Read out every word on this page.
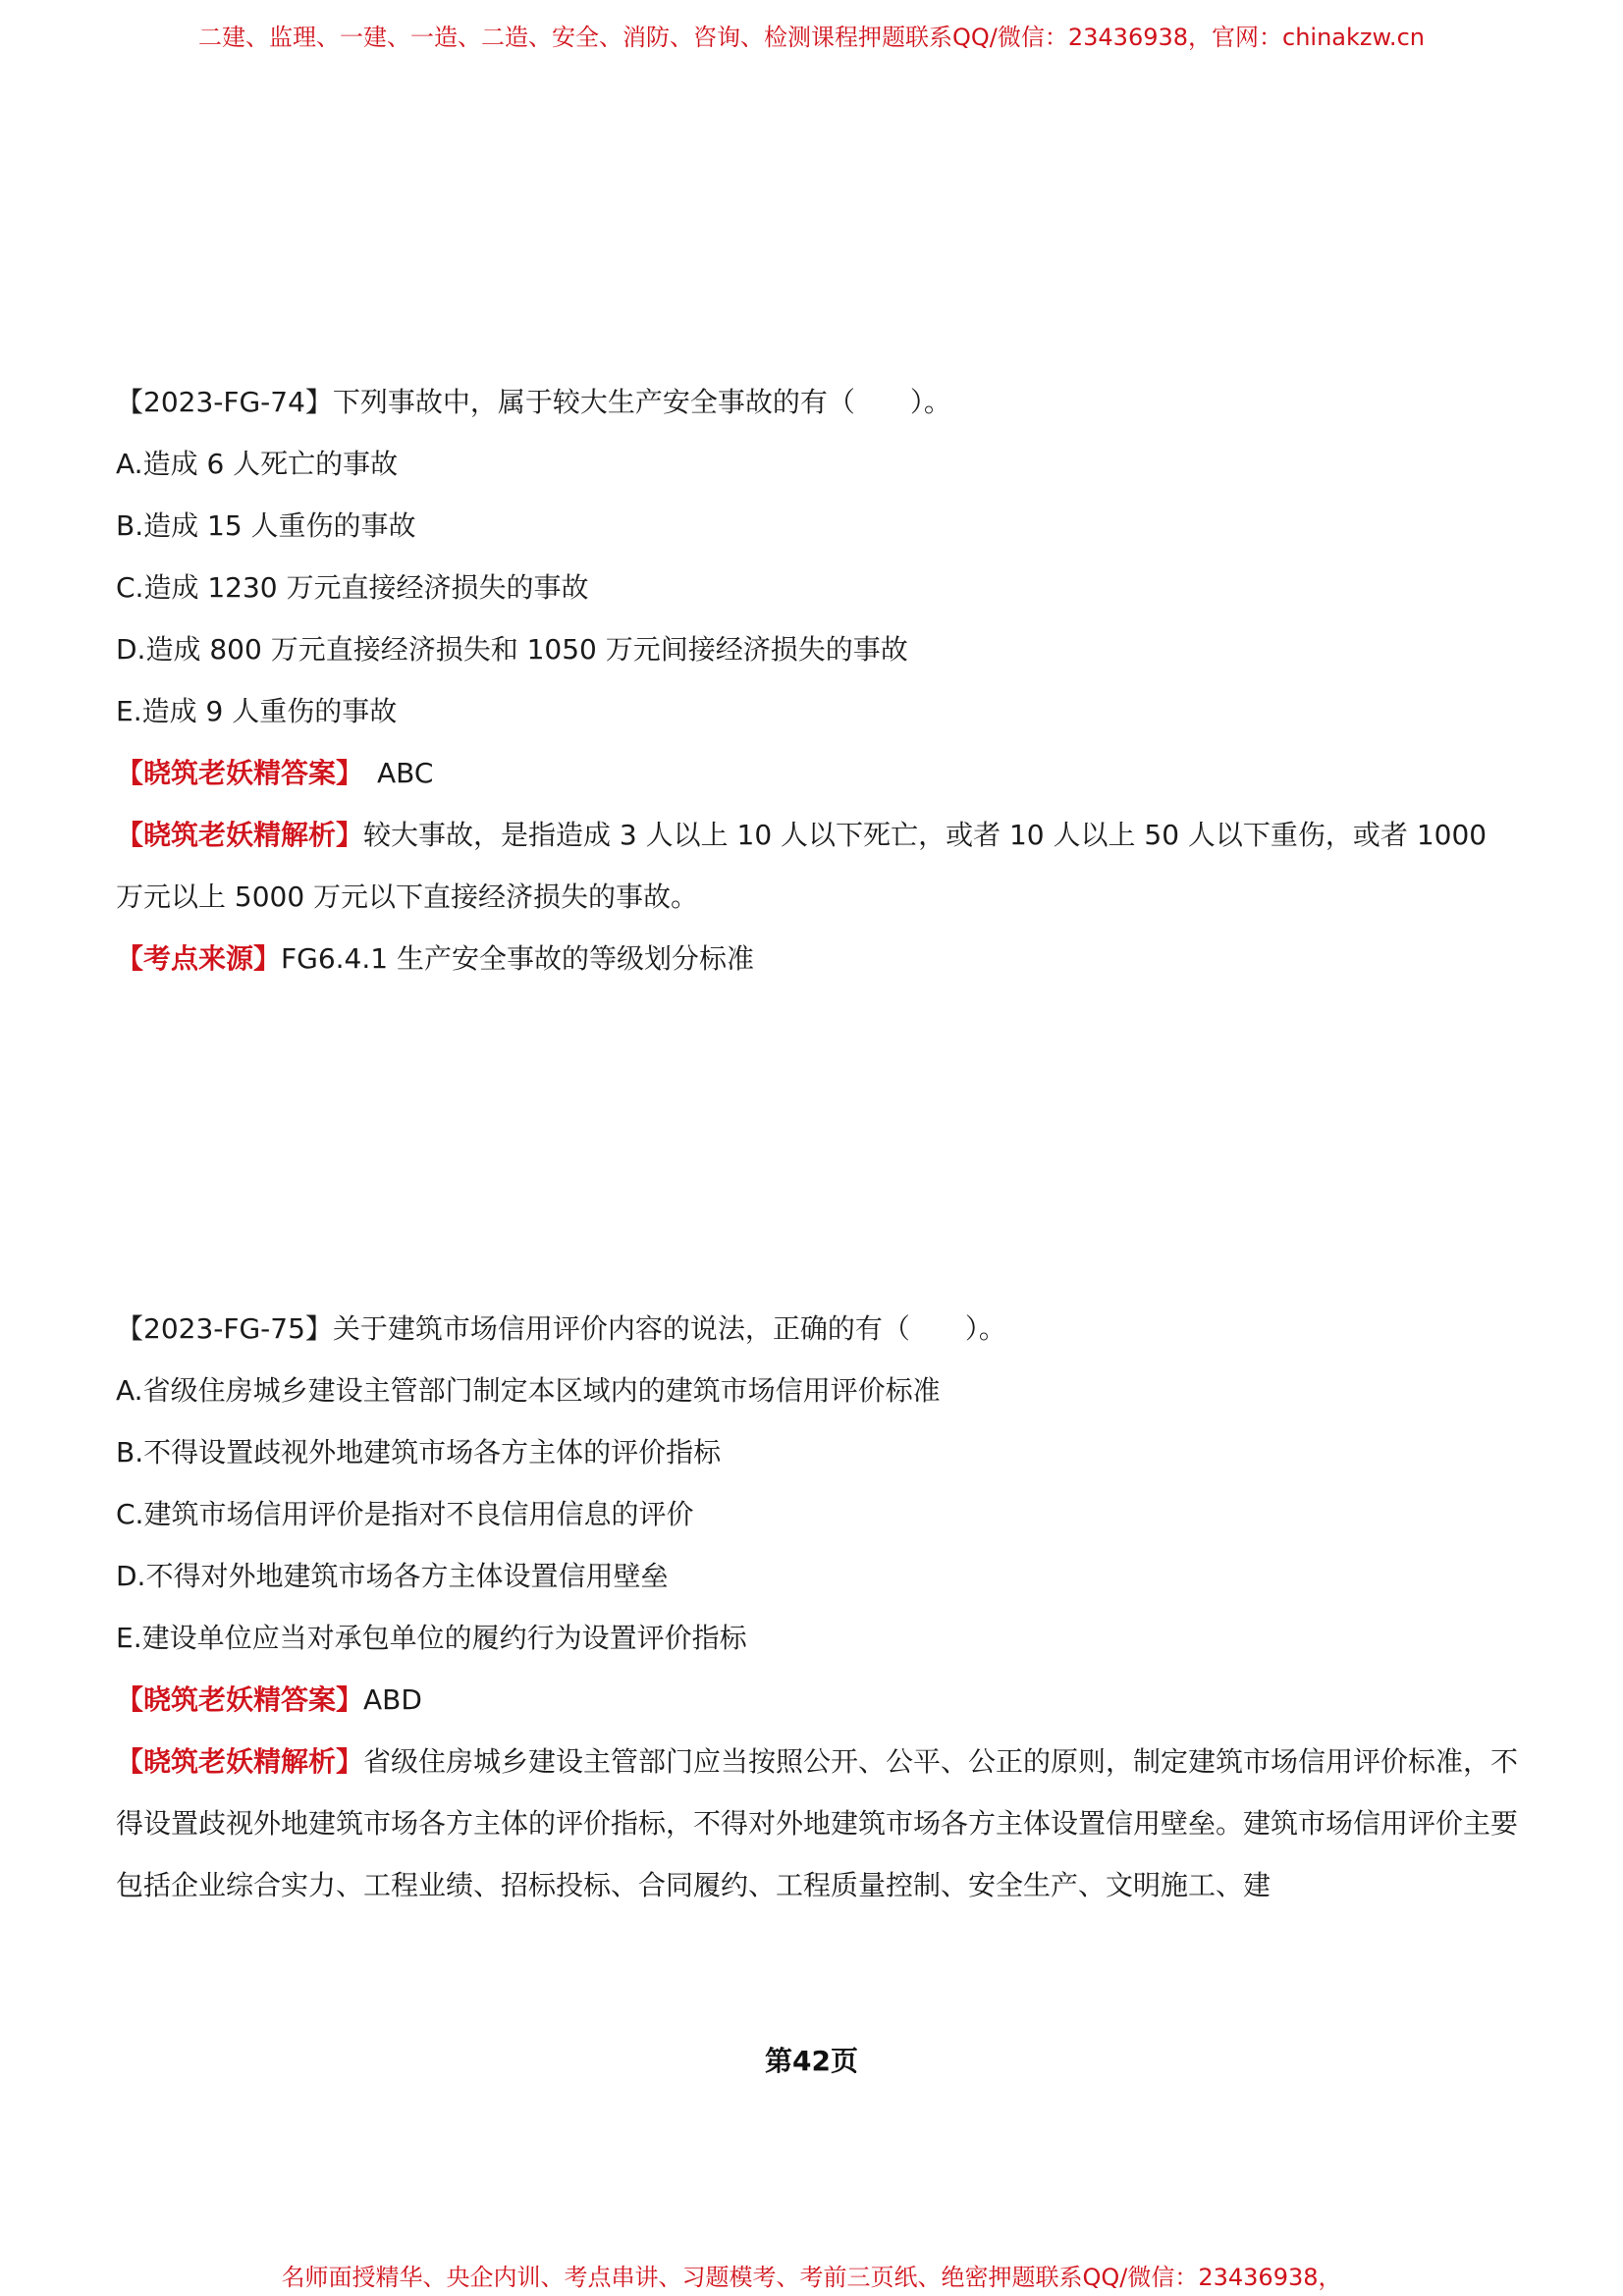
二建、监理、一建、一造、二造、安全、消防、咨询、检测课程押题联系QQ/微信：23436938，官网：chinakzw.cn
【2023-FG-74】下列事故中，属于较大生产安全事故的有（　　）。
A.造成 6 人死亡的事故
B.造成 15 人重伤的事故
C.造成 1230 万元直接经济损失的事故
D.造成 800 万元直接经济损失和 1050 万元间接经济损失的事故
E.造成 9 人重伤的事故
【晓筑老妖精答案】 ABC
【晓筑老妖精解析】较大事故，是指造成 3 人以上 10 人以下死亡，或者 10 人以上 50 人以下重伤，或者 1000 万元以上 5000 万元以下直接经济损失的事故。
【考点来源】FG6.4.1 生产安全事故的等级划分标准
【2023-FG-75】关于建筑市场信用评价内容的说法，正确的有（　　）。
A.省级住房城乡建设主管部门制定本区域内的建筑市场信用评价标准
B.不得设置歧视外地建筑市场各方主体的评价指标
C.建筑市场信用评价是指对不良信用信息的评价
D.不得对外地建筑市场各方主体设置信用壁垒
E.建设单位应当对承包单位的履约行为设置评价指标
【晓筑老妖精答案】ABD
【晓筑老妖精解析】省级住房城乡建设主管部门应当按照公开、公平、公正的原则，制定建筑市场信用评价标准，不得设置歧视外地建筑市场各方主体的评价指标，不得对外地建筑市场各方主体设置信用壁垒。建筑市场信用评价主要包括企业综合实力、工程业绩、招标投标、合同履约、工程质量控制、安全生产、文明施工、建
第42页
名师面授精华、央企内训、考点串讲、习题模考、考前三页纸、绝密押题联系QQ/微信：23436938，
